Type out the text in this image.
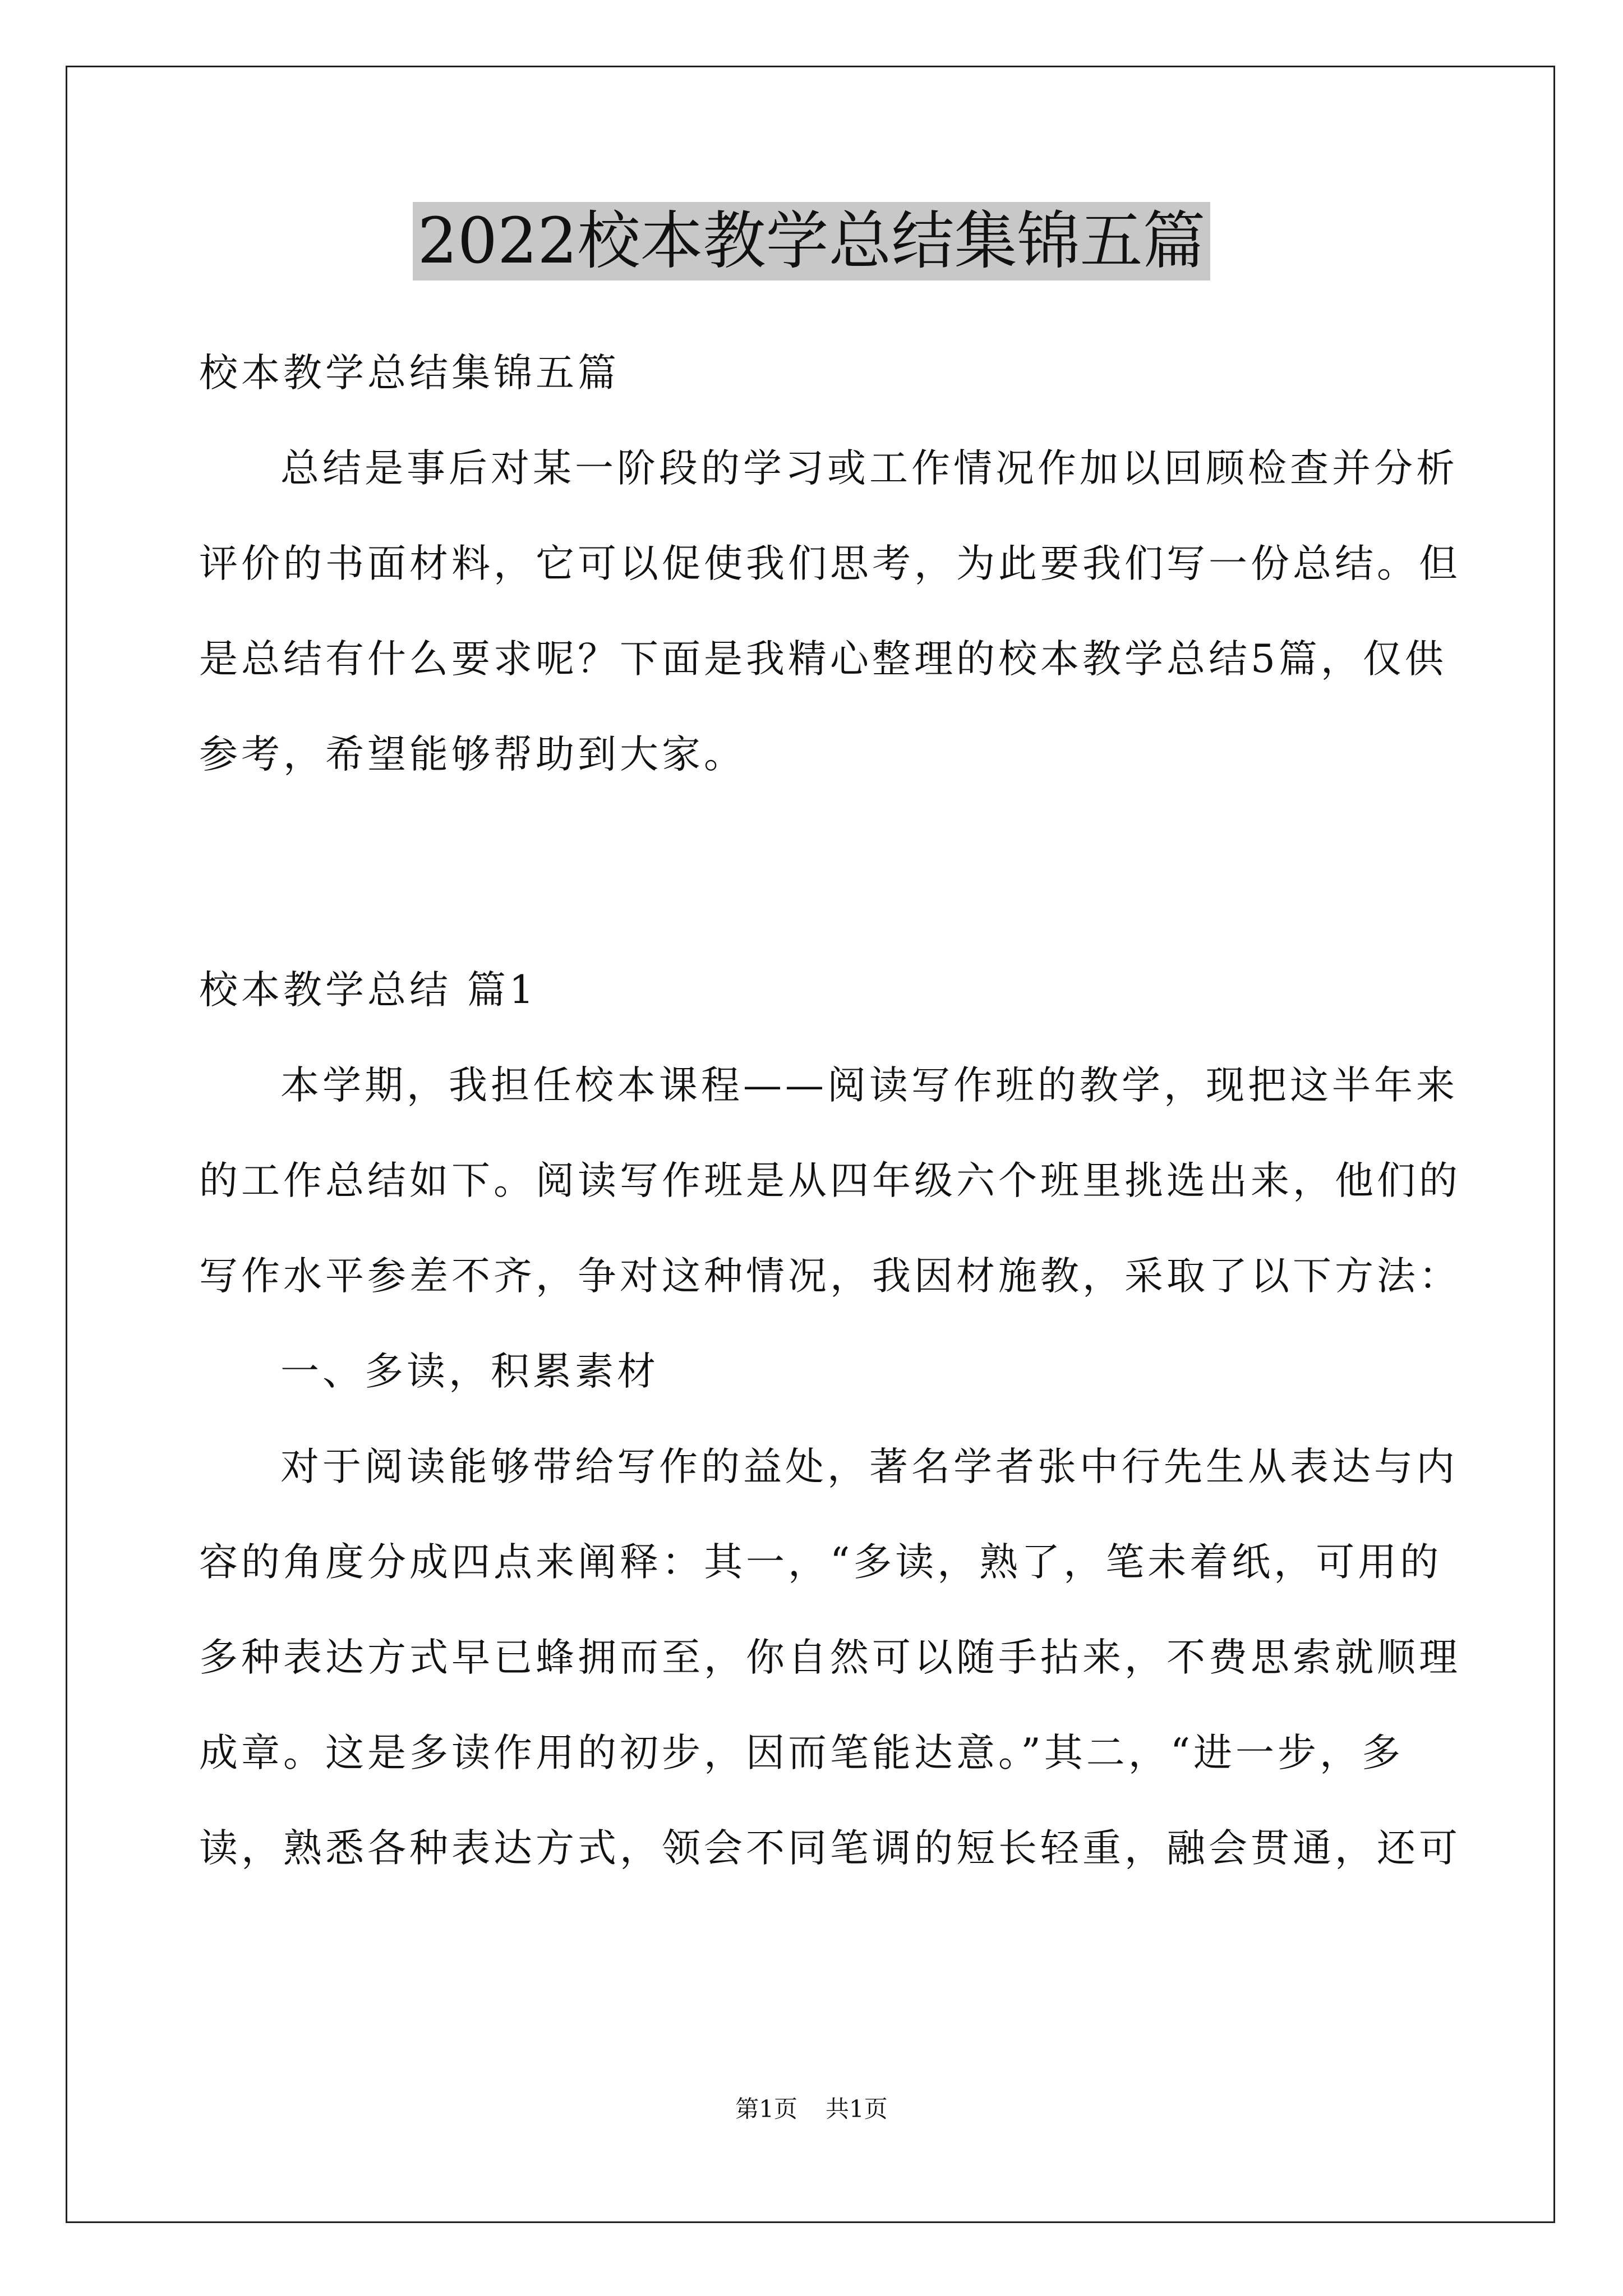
2022校本教学总结集锦五篇
校本教学总结集锦五篇
总结是事后对某一阶段的学习或工作情况作加以回顾检查并分析
评价的书面材料，它可以促使我们思考，为此要我们写一份总结。但
是总结有什么要求呢？下面是我精心整理的校本教学总结5篇，仅供
参考，希望能够帮助到大家。
校本教学总结 篇1
本学期，我担任校本课程——阅读写作班的教学，现把这半年来
的工作总结如下。阅读写作班是从四年级六个班里挑选出来，他们的
写作水平参差不齐，争对这种情况，我因材施教，采取了以下方法：
一、多读，积累素材
对于阅读能够带给写作的益处，著名学者张中行先生从表达与内
容的角度分成四点来阐释：其一，“多读，熟了，笔未着纸，可用的
多种表达方式早已蜂拥而至，你自然可以随手拈来，不费思索就顺理
成章。这是多读作用的初步，因而笔能达意。”其二，“进一步，多
读，熟悉各种表达方式，领会不同笔调的短长轻重，融会贯通，还可
第1页 共1页
